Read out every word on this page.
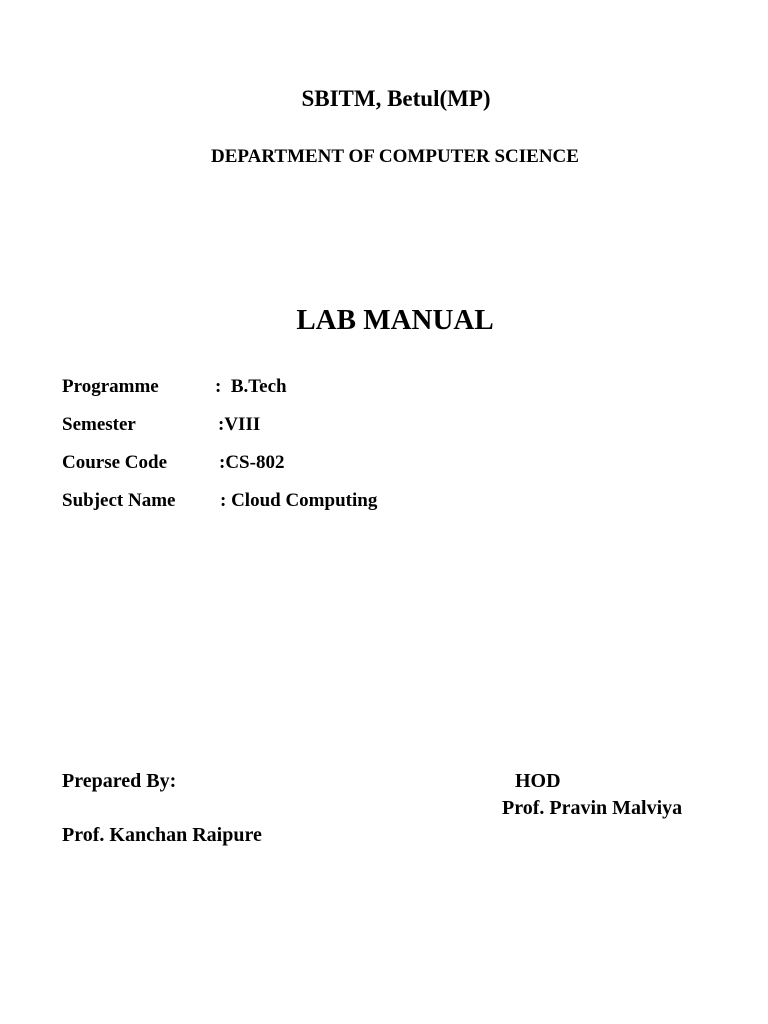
SBITM, Betul(MP)
DEPARTMENT OF COMPUTER SCIENCE
LAB MANUAL
Programme	:  B.Tech
Semester	:VIII
Course Code	:CS-802
Subject Name : Cloud Computing
Prepared By:
Prof. Kanchan Raipure
HOD
Prof. Pravin Malviya
